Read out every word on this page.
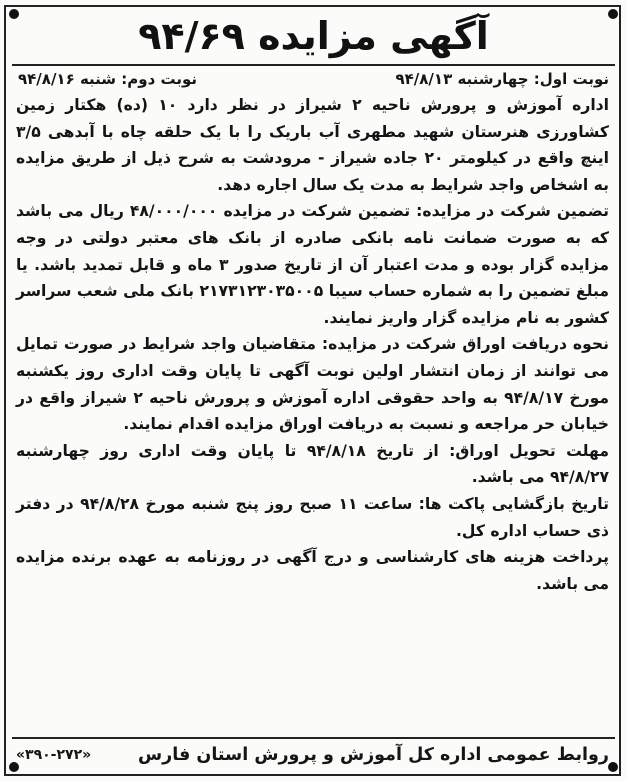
آگهی مزایده ۹۴/۶۹
نوبت اول: چهارشنبه ۹۴/۸/۱۳
نوبت دوم: شنبه ۹۴/۸/۱۶

اداره آموزش و پرورش ناحیه ۲ شیراز در نظر دارد ۱۰ (ده) هکتار زمین کشاورزی هنرستان شهید مطهری آب باریک را با یک حلقه چاه با آبدهی ۳/۵ اینچ واقع در کیلومتر ۲۰ جاده شیراز - مرودشت به شرح ذیل از طریق مزایده به اشخاص واجد شرایط به مدت یک سال اجاره دهد.

تضمین شرکت در مزایده: تضمین شرکت در مزایده ۴۸/۰۰۰/۰۰۰ ریال می باشد که به صورت ضمانت نامه بانکی صادره از بانک های معتبر دولتی در وجه مزایده گزار بوده و مدت اعتبار آن از تاریخ صدور ۳ ماه و قابل تمدید باشد. یا مبلغ تضمین را به شماره حساب سیبا ۲۱۷۳۱۲۳۰۳۵۰۰۵ بانک ملی شعب سراسر کشور به نام مزایده گزار واریز نمایند.

نحوه دریافت اوراق شرکت در مزایده: متقاضیان واجد شرایط در صورت تمایل می توانند از زمان انتشار اولین نوبت آگهی تا پایان وقت اداری روز یکشنبه مورخ ۹۴/۸/۱۷ به واحد حقوقی اداره آموزش و پرورش ناحیه ۲ شیراز واقع در خیابان حر مراجعه و نسبت به دریافت اوراق مزایده اقدام نمایند.

مهلت تحویل اوراق: از تاریخ ۹۴/۸/۱۸ تا پایان وقت اداری روز چهارشنبه ۹۴/۸/۲۷ می باشد.

تاریخ بازگشایی پاکت ها: ساعت ۱۱ صبح روز پنج شنبه مورخ ۹۴/۸/۲۸ در دفتر ذی حساب اداره کل.

پرداخت هزینه های کارشناسی و درج آگهی در روزنامه به عهده برنده مزایده می باشد.

روابط عمومی اداره کل آموزش و پرورش استان فارس
«۳۹۰-۲۷۲»
